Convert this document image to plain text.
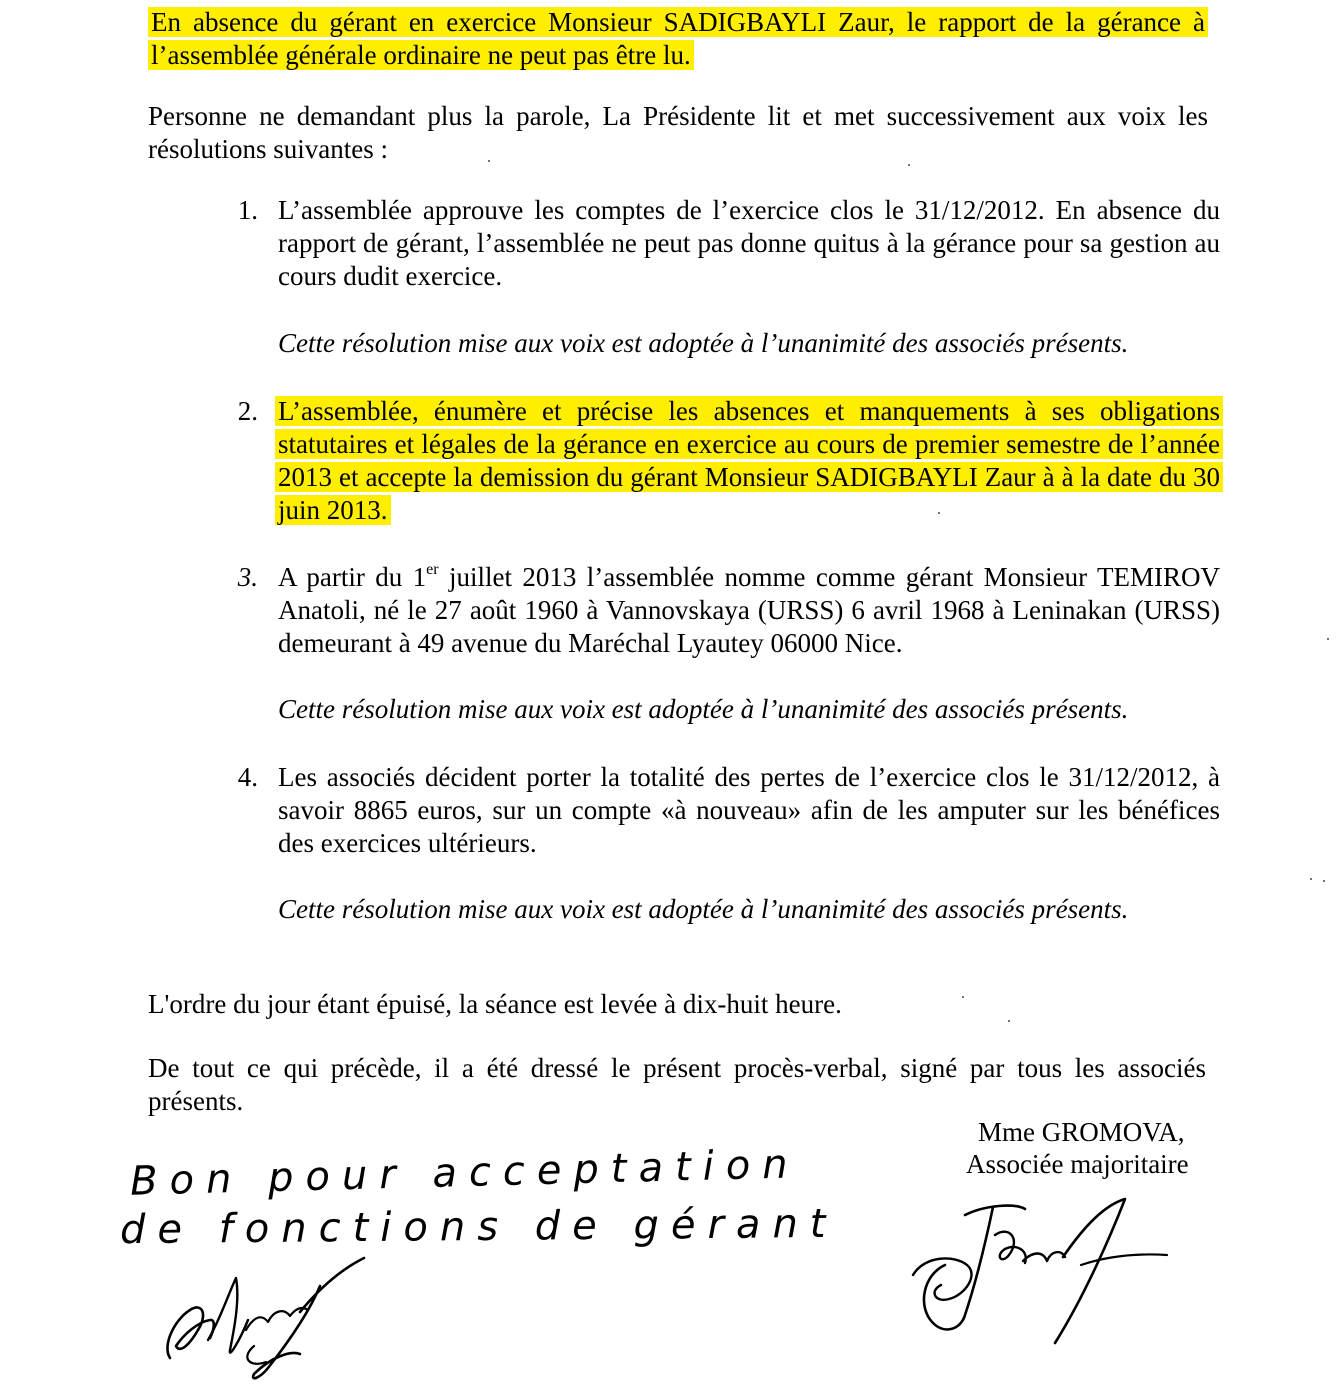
En absence du gérant en exercice Monsieur SADIGBAYLI Zaur, le rapport de la gérance à l’assemblée générale ordinaire ne peut pas être lu.
Personne ne demandant plus la parole, La Présidente lit et met successivement aux voix les résolutions suivantes :
1. L’assemblée approuve les comptes de l’exercice clos le 31/12/2012. En absence du rapport de gérant, l’assemblée ne peut pas donne quitus à la gérance pour sa gestion au cours dudit exercice.
Cette résolution mise aux voix est adoptée à l’unanimité des associés présents.
2. L’assemblée, énumère et précise les absences et manquements à ses obligations statutaires et légales de la gérance en exercice au cours de premier semestre de l’année 2013 et accepte la demission du gérant Monsieur SADIGBAYLI Zaur à à la date du 30 juin 2013.
3. A partir du 1er juillet 2013 l’assemblée nomme comme gérant Monsieur TEMIROV Anatoli, né le 27 août 1960 à Vannovskaya (URSS) 6 avril 1968 à Leninakan (URSS) demeurant à 49 avenue du Maréchal Lyautey 06000 Nice.
Cette résolution mise aux voix est adoptée à l’unanimité des associés présents.
4. Les associés décident porter la totalité des pertes de l’exercice clos le 31/12/2012, à savoir 8865 euros, sur un compte «à nouveau» afin de les amputer sur les bénéfices des exercices ultérieurs.
Cette résolution mise aux voix est adoptée à l’unanimité des associés présents.
L'ordre du jour étant épuisé, la séance est levée à dix-huit heure.
De tout ce qui précède, il a été dressé le présent procès-verbal, signé par tous les associés présents.
Mme GROMOVA,
Associée majoritaire
Bon pour acceptation
de fonctions de gérant
